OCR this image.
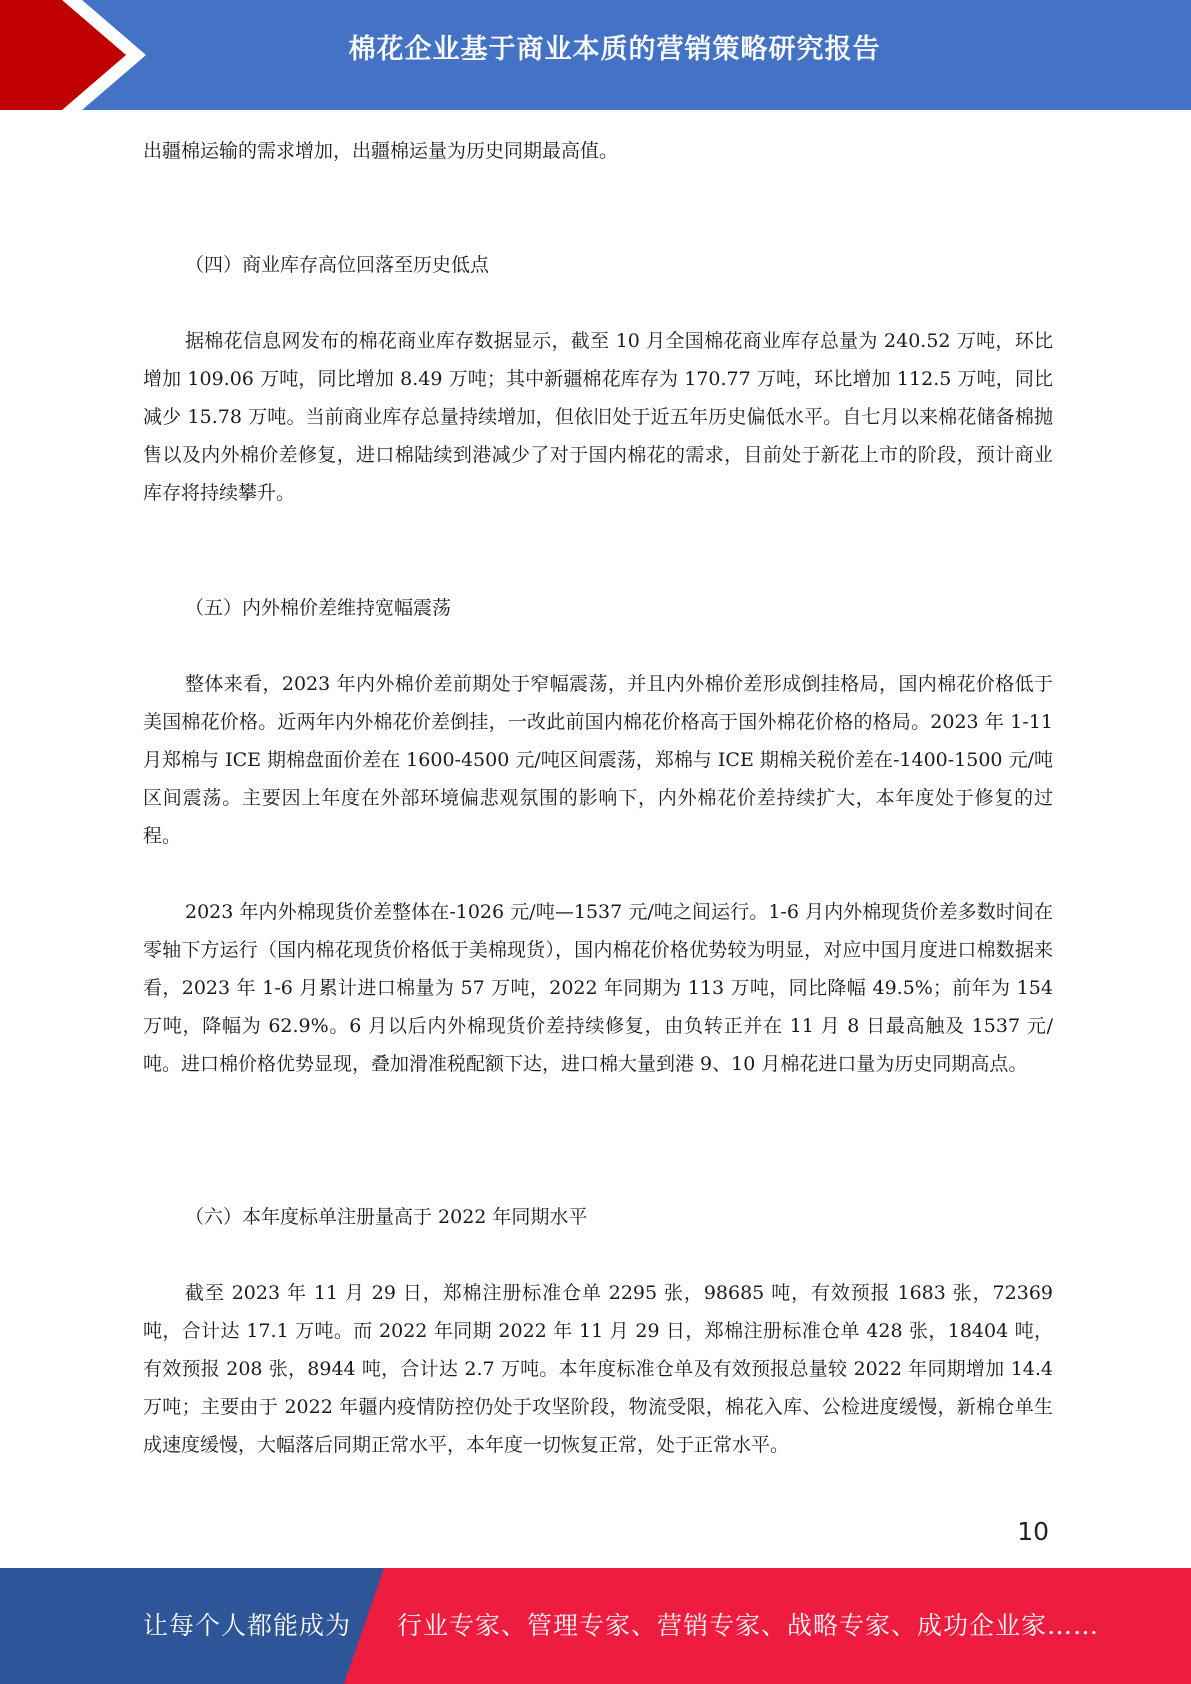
棉花企业基于商业本质的营销策略研究报告

出疆棉运输的需求增加，出疆棉运量为历史同期最高值。

（四）商业库存高位回落至历史低点

据棉花信息网发布的棉花商业库存数据显示，截至 10 月全国棉花商业库存总量为 240.52 万吨，环比增加 109.06 万吨，同比增加 8.49 万吨；其中新疆棉花库存为 170.77 万吨，环比增加 112.5 万吨，同比减少 15.78 万吨。当前商业库存总量持续增加，但依旧处于近五年历史偏低水平。自七月以来棉花储备棉抛售以及内外棉价差修复，进口棉陆续到港减少了对于国内棉花的需求，目前处于新花上市的阶段，预计商业库存将持续攀升。

（五）内外棉价差维持宽幅震荡

整体来看，2023 年内外棉价差前期处于窄幅震荡，并且内外棉价差形成倒挂格局，国内棉花价格低于美国棉花价格。近两年内外棉花价差倒挂，一改此前国内棉花价格高于国外棉花价格的格局。2023 年 1-11 月郑棉与 ICE 期棉盘面价差在 1600-4500 元/吨区间震荡，郑棉与 ICE 期棉关税价差在-1400-1500 元/吨区间震荡。主要因上年度在外部环境偏悲观氛围的影响下，内外棉花价差持续扩大，本年度处于修复的过程。

2023 年内外棉现货价差整体在-1026 元/吨—1537 元/吨之间运行。1-6 月内外棉现货价差多数时间在零轴下方运行（国内棉花现货价格低于美棉现货），国内棉花价格优势较为明显，对应中国月度进口棉数据来看，2023 年 1-6 月累计进口棉量为 57 万吨，2022 年同期为 113 万吨，同比降幅 49.5%；前年为 154 万吨，降幅为 62.9%。6 月以后内外棉现货价差持续修复，由负转正并在 11 月 8 日最高触及 1537 元/吨。进口棉价格优势显现，叠加滑准税配额下达，进口棉大量到港 9、10 月棉花进口量为历史同期高点。

（六）本年度标单注册量高于 2022 年同期水平

截至 2023 年 11 月 29 日，郑棉注册标准仓单 2295 张，98685 吨，有效预报 1683 张，72369 吨，合计达 17.1 万吨。而 2022 年同期 2022 年 11 月 29 日，郑棉注册标准仓单 428 张，18404 吨，有效预报 208 张，8944 吨，合计达 2.7 万吨。本年度标准仓单及有效预报总量较 2022 年同期增加 14.4 万吨；主要由于 2022 年疆内疫情防控仍处于攻坚阶段，物流受限，棉花入库、公检进度缓慢，新棉仓单生成速度缓慢，大幅落后同期正常水平，本年度一切恢复正常，处于正常水平。

10
让每个人都能成为 行业专家、管理专家、营销专家、战略专家、成功企业家……
